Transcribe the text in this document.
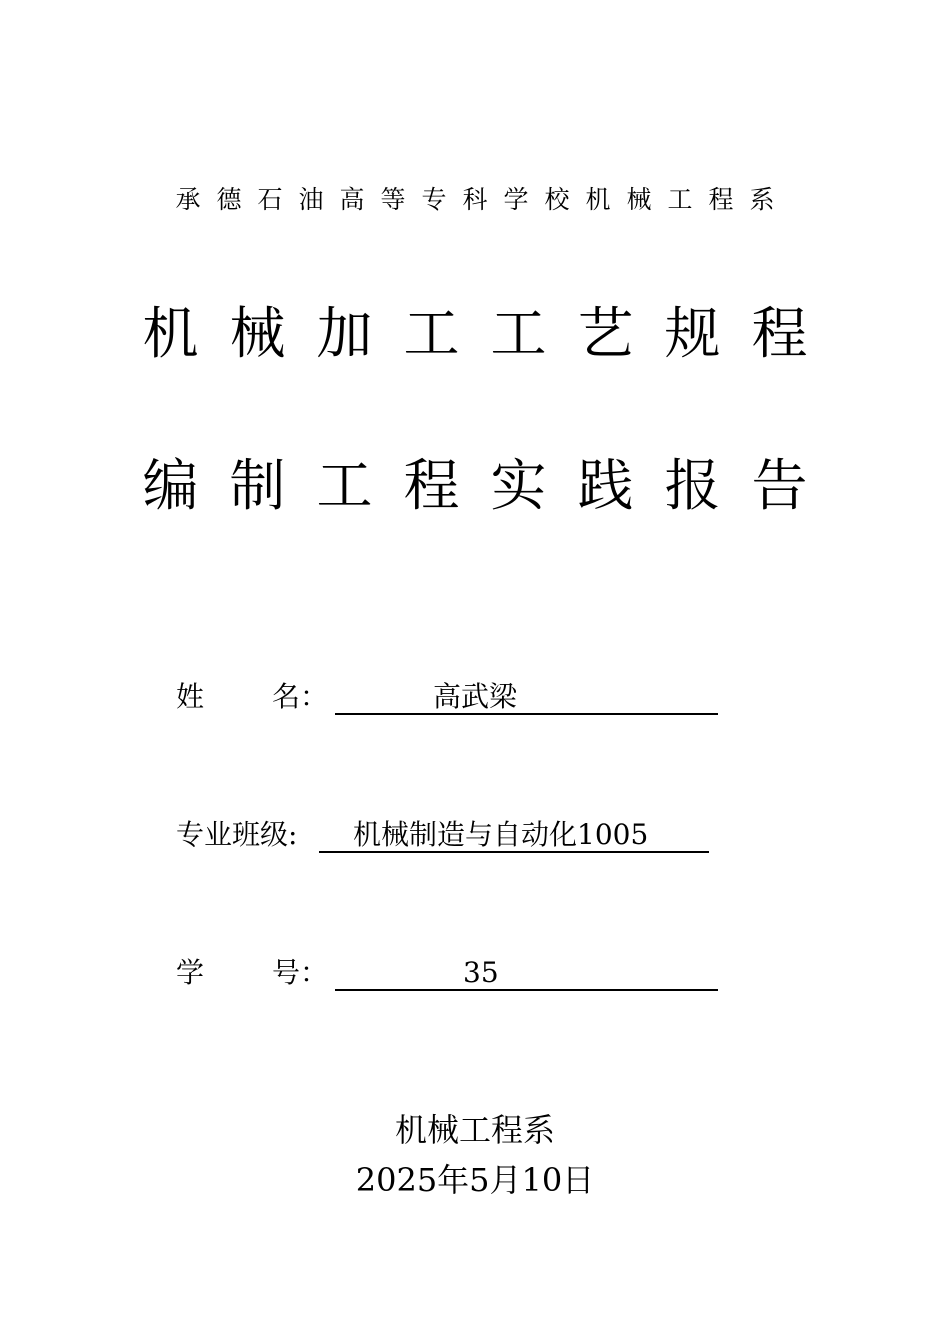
承德石油高等专科学校机械工程系
机械加工工艺规程
编制工程实践报告
姓 名：	高武梁
专业班级:	机械制造与自动化1005
学 号：	35
机械工程系
2025年5月10日
